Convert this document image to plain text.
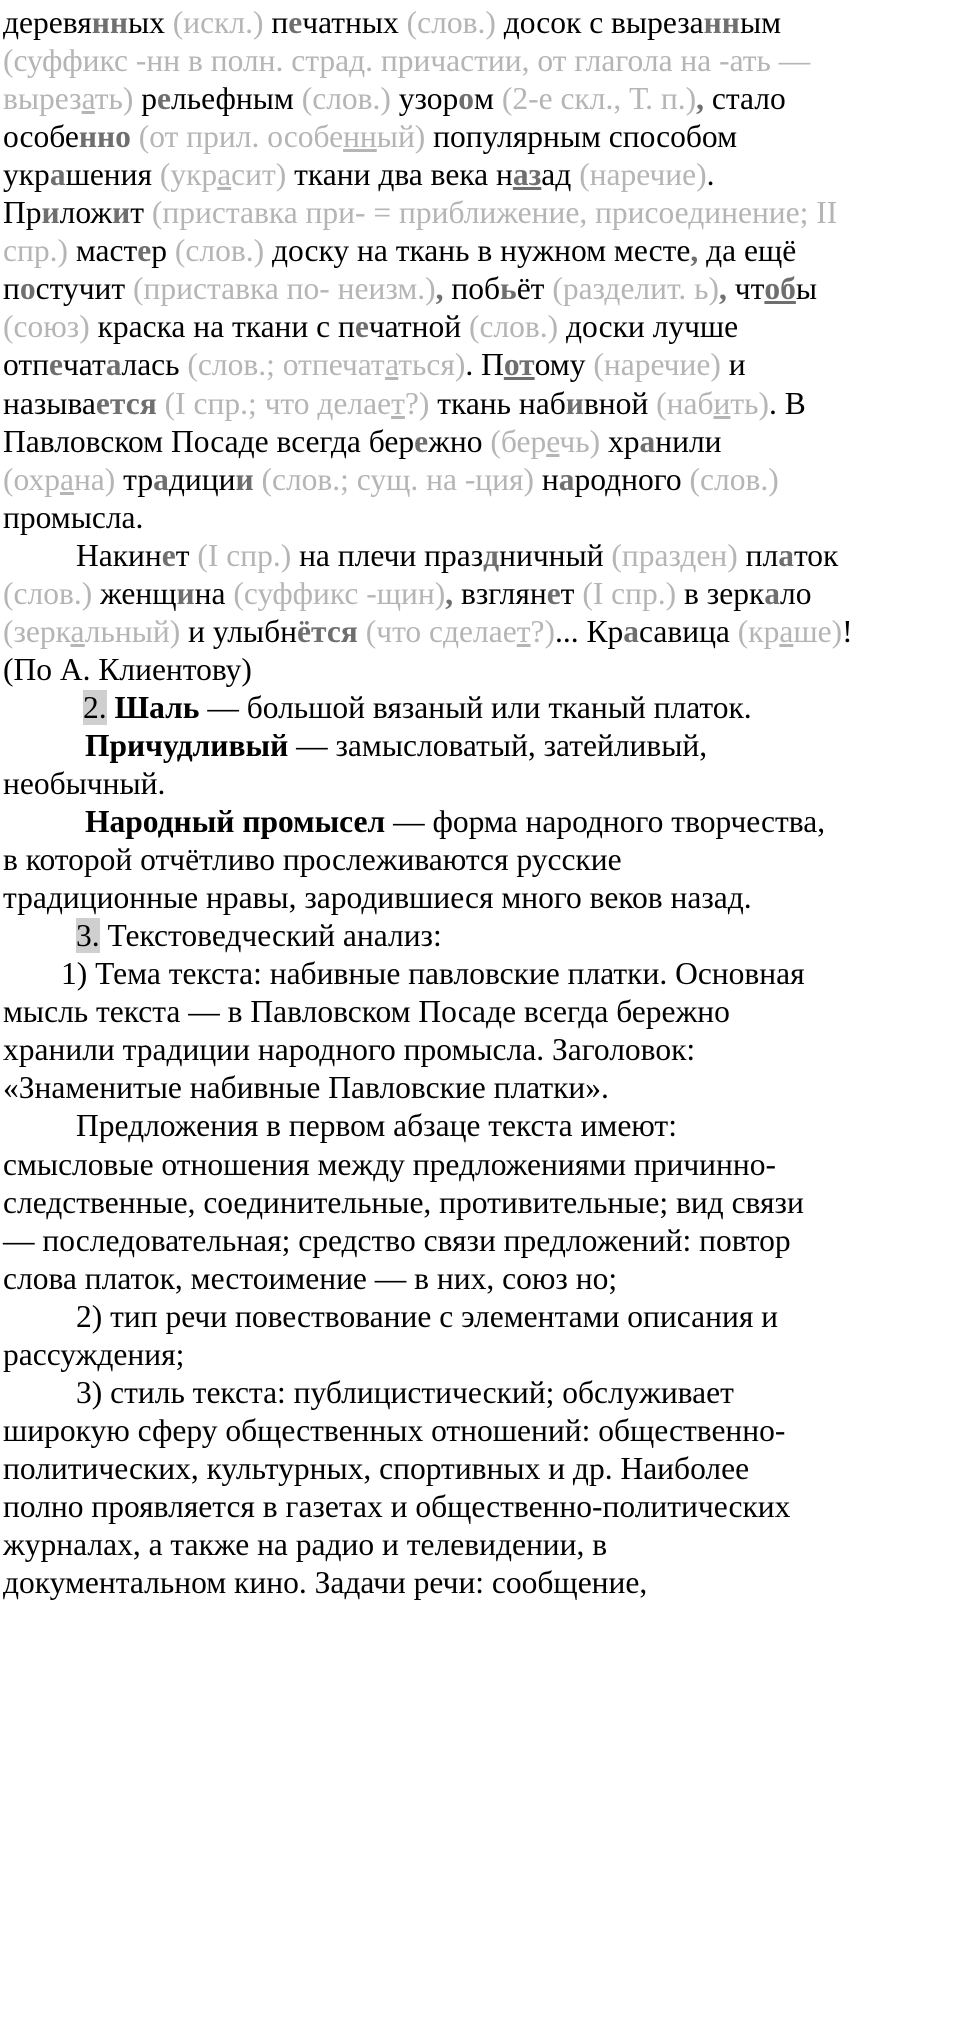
деревянных (искл.) печатных (слов.) досок с вырезанным
(суффикс -нн в полн. страд. причастии, от глагола на -ать —
вырезать) рельефным (слов.) узором (2-е скл., Т. п.), стало
особенно (от прил. особенный) популярным способом
украшения (украсит) ткани два века назад (наречие).
Приложит (приставка при- = приближение, присоединение; II
спр.) мастер (слов.) доску на ткань в нужном месте, да ещё
постучит (приставка по- неизм.), побьёт (разделит. ь), чтобы
(союз) краска на ткани с печатной (слов.) доски лучше
отпечаталась (слов.; отпечататься). Потому (наречие) и
называется (I спр.; что делает?) ткань набивной (набить). В
Павловском Посаде всегда бережно (беречь) хранили
(охрана) традиции (слов.; сущ. на -ция) народного (слов.)
промысла.
Накинет (I спр.) на плечи праздничный (празден) платок
(слов.) женщина (суффикс -щин), взглянет (I спр.) в зеркало
(зеркальный) и улыбнётся (что сделает?)... Красавица (краше)!
(По А. Клиентову)
2. Шаль — большой вязаный или тканый платок.
Причудливый — замысловатый, затейливый,
необычный.
Народный промысел — форма народного творчества,
в которой отчётливо прослеживаются русские
традиционные нравы, зародившиеся много веков назад.
3. Текстоведческий анализ:
1) Тема текста: набивные павловские платки. Основная
мысль текста — в Павловском Посаде всегда бережно
хранили традиции народного промысла. Заголовок:
«Знаменитые набивные Павловские платки».
Предложения в первом абзаце текста имеют:
смысловые отношения между предложениями причинно-
следственные, соединительные, противительные; вид связи
— последовательная; средство связи предложений: повтор
слова платок, местоимение — в них, союз но;
2) тип речи повествование с элементами описания и
рассуждения;
3) стиль текста: публицистический; обслуживает
широкую сферу общественных отношений: общественно-
политических, культурных, спортивных и др. Наиболее
полно проявляется в газетах и общественно-политических
журналах, а также на радио и телевидении, в
документальном кино. Задачи речи: сообщение,
